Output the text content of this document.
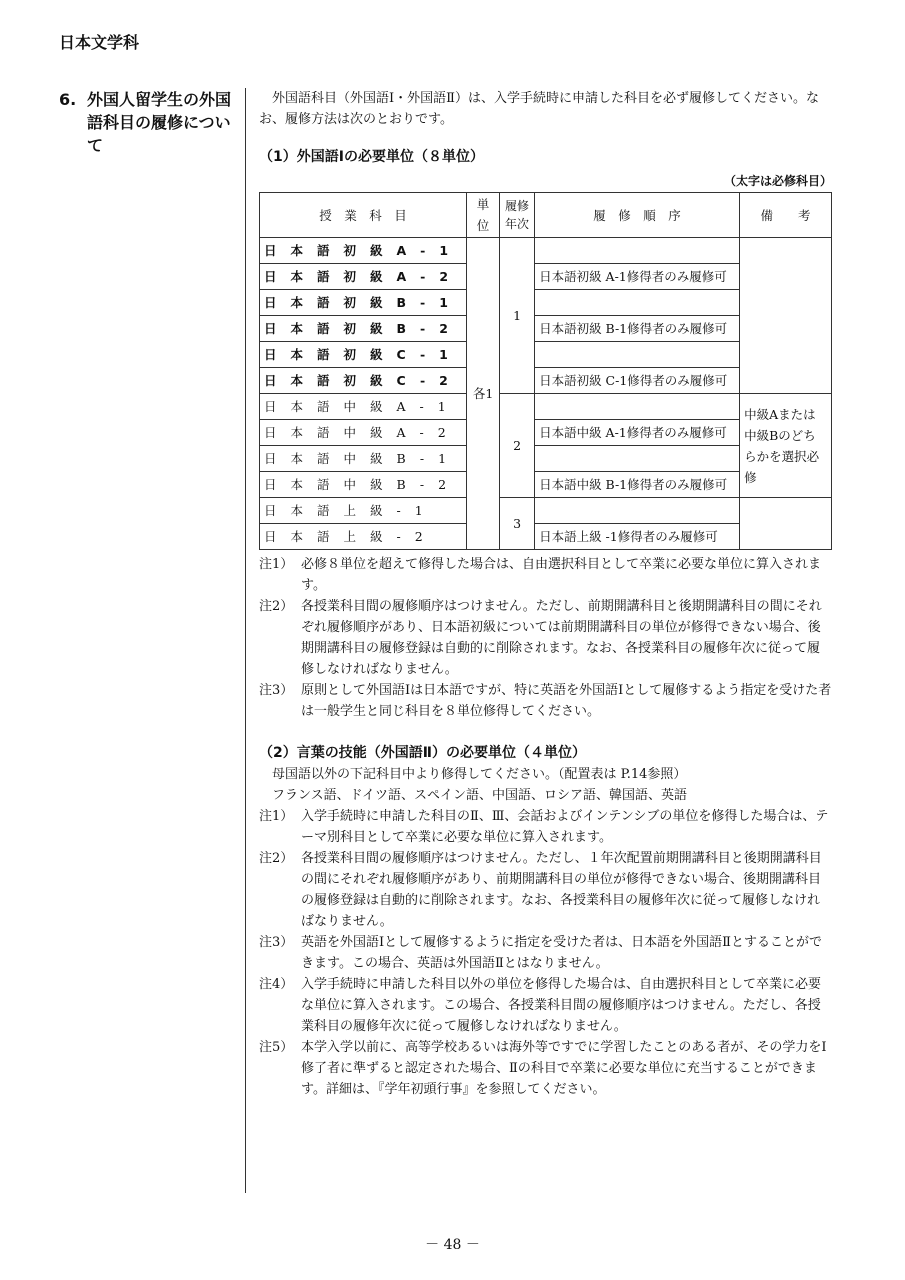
日本文学科
6. 外国人留学生の外国語科目の履修について

外国語科目（外国語Ⅰ・外国語Ⅱ）は、入学手続時に申請した科目を必ず履修してください。なお、履修方法は次のとおりです。

（1）外国語Ⅰの必要単位（８単位）

（太字は必修科目）
授　業　科　目	単位	履修年次	履　修　順　序	備　　考
日本語初級A-1	各1	1		
日本語初級A-2			日本語初級 A-1修得者のみ履修可	
日本語初級B-1				
日本語初級B-2			日本語初級 B-1修得者のみ履修可	
日本語初級C-1				
日本語初級C-2			日本語初級 C-1修得者のみ履修可	
日本語中級A-1		2		中級Aまたは中級Bのどちらかを選択必修
日本語中級A-2			日本語中級 A-1修得者のみ履修可	
日本語中級B-1				
日本語中級B-2			日本語中級 B-1修得者のみ履修可	
日本語上級-1		3		
日本語上級-2			日本語上級 -1修得者のみ履修可	
注1） 必修８単位を超えて修得した場合は、自由選択科目として卒業に必要な単位に算入されます。
注2） 各授業科目間の履修順序はつけません。ただし、前期開講科目と後期開講科目の間にそれぞれ履修順序があり、日本語初級については前期開講科目の単位が修得できない場合、後期開講科目の履修登録は自動的に削除されます。なお、各授業科目の履修年次に従って履修しなければなりません。
注3） 原則として外国語Ⅰは日本語ですが、特に英語を外国語Ⅰとして履修するよう指定を受けた者は一般学生と同じ科目を８単位修得してください。

（2）言葉の技能（外国語Ⅱ）の必要単位（４単位）

母国語以外の下記科目中より修得してください。（配置表は P.14参照）

フランス語、ドイツ語、スペイン語、中国語、ロシア語、韓国語、英語

注1） 入学手続時に申請した科目のⅡ、Ⅲ、会話およびインテンシブの単位を修得した場合は、テーマ別科目として卒業に必要な単位に算入されます。
注2） 各授業科目間の履修順序はつけません。ただし、１年次配置前期開講科目と後期開講科目の間にそれぞれ履修順序があり、前期開講科目の単位が修得できない場合、後期開講科目の履修登録は自動的に削除されます。なお、各授業科目の履修年次に従って履修しなければなりません。
注3） 英語を外国語Ⅰとして履修するように指定を受けた者は、日本語を外国語Ⅱとすることができます。この場合、英語は外国語Ⅱとはなりません。
注4） 入学手続時に申請した科目以外の単位を修得した場合は、自由選択科目として卒業に必要な単位に算入されます。この場合、各授業科目間の履修順序はつけません。ただし、各授業科目の履修年次に従って履修しなければなりません。
注5） 本学入学以前に、高等学校あるいは海外等ですでに学習したことのある者が、その学力をⅠ修了者に準ずると認定された場合、Ⅱの科目で卒業に必要な単位に充当することができます。詳細は、『学年初頭行事』を参照してください。
－ 48 －
